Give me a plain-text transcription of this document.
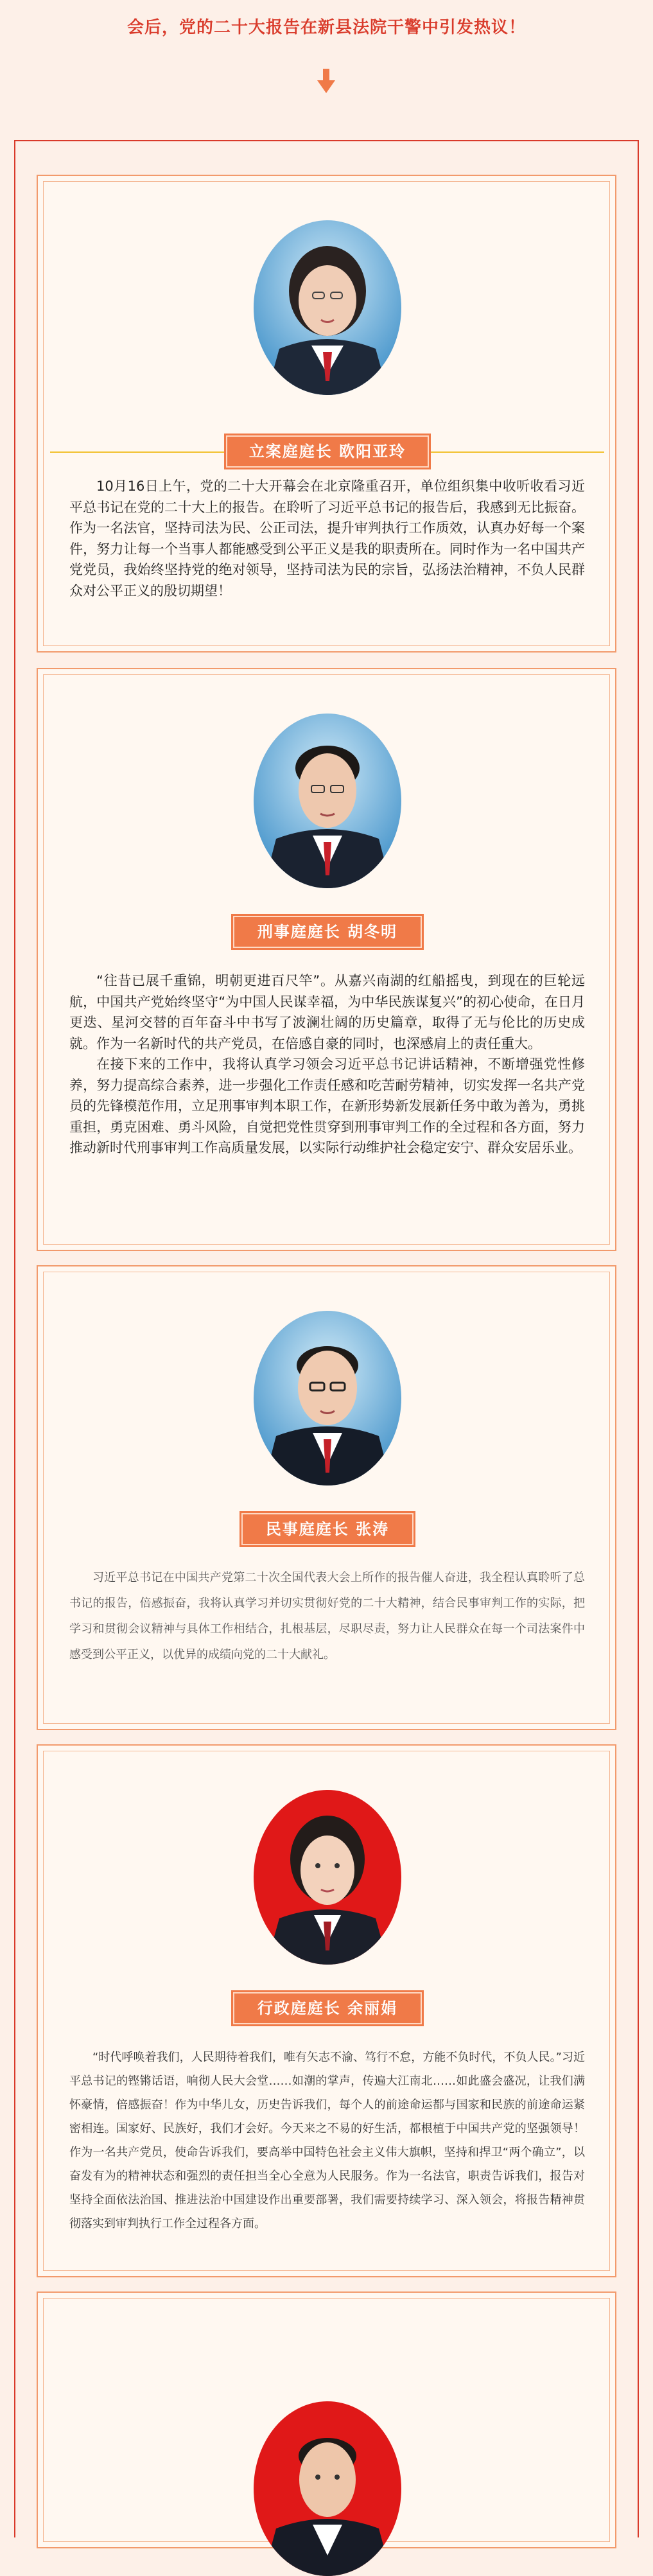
会后，党的二十大报告在新县法院干警中引发热议！
立案庭庭长 欧阳亚玲

10月16日上午，党的二十大开幕会在北京隆重召开，单位组织集中收听收看习近平总书记在党的二十大上的报告。在聆听了习近平总书记的报告后，我感到无比振奋。作为一名法官，坚持司法为民、公正司法，提升审判执行工作质效，认真办好每一个案件，努力让每一个当事人都能感受到公平正义是我的职责所在。同时作为一名中国共产党党员，我始终坚持党的绝对领导，坚持司法为民的宗旨，弘扬法治精神，不负人民群众对公平正义的殷切期望！

刑事庭庭长 胡冬明

“往昔已展千重锦，明朝更进百尺竿”。从嘉兴南湖的红船摇曳，到现在的巨轮远航，中国共产党始终坚守“为中国人民谋幸福，为中华民族谋复兴”的初心使命，在日月更迭、星河交替的百年奋斗中书写了波澜壮阔的历史篇章，取得了无与伦比的历史成就。作为一名新时代的共产党员，在倍感自豪的同时，也深感肩上的责任重大。

在接下来的工作中，我将认真学习领会习近平总书记讲话精神，不断增强党性修养，努力提高综合素养，进一步强化工作责任感和吃苦耐劳精神，切实发挥一名共产党员的先锋模范作用，立足刑事审判本职工作，在新形势新发展新任务中敢为善为，勇挑重担，勇克困难、勇斗风险，自觉把党性贯穿到刑事审判工作的全过程和各方面，努力推动新时代刑事审判工作高质量发展，以实际行动维护社会稳定安宁、群众安居乐业。

民事庭庭长 张涛

习近平总书记在中国共产党第二十次全国代表大会上所作的报告催人奋进，我全程认真聆听了总书记的报告，倍感振奋，我将认真学习并切实贯彻好党的二十大精神，结合民事审判工作的实际，把学习和贯彻会议精神与具体工作相结合，扎根基层，尽职尽责，努力让人民群众在每一个司法案件中感受到公平正义，以优异的成绩向党的二十大献礼。

行政庭庭长 余丽娟

“时代呼唤着我们，人民期待着我们，唯有矢志不渝、笃行不怠，方能不负时代，不负人民。”习近平总书记的铿锵话语，响彻人民大会堂……如潮的掌声，传遍大江南北……如此盛会盛况，让我们满怀豪情，倍感振奋！作为中华儿女，历史告诉我们，每个人的前途命运都与国家和民族的前途命运紧密相连。国家好、民族好，我们才会好。今天来之不易的好生活，都根植于中国共产党的坚强领导！作为一名共产党员，使命告诉我们，要高举中国特色社会主义伟大旗帜，坚持和捍卫“两个确立”，以奋发有为的精神状态和强烈的责任担当全心全意为人民服务。作为一名法官，职责告诉我们，报告对坚持全面依法治国、推进法治中国建设作出重要部署，我们需要持续学习、深入领会，将报告精神贯彻落实到审判执行工作全过程各方面。
